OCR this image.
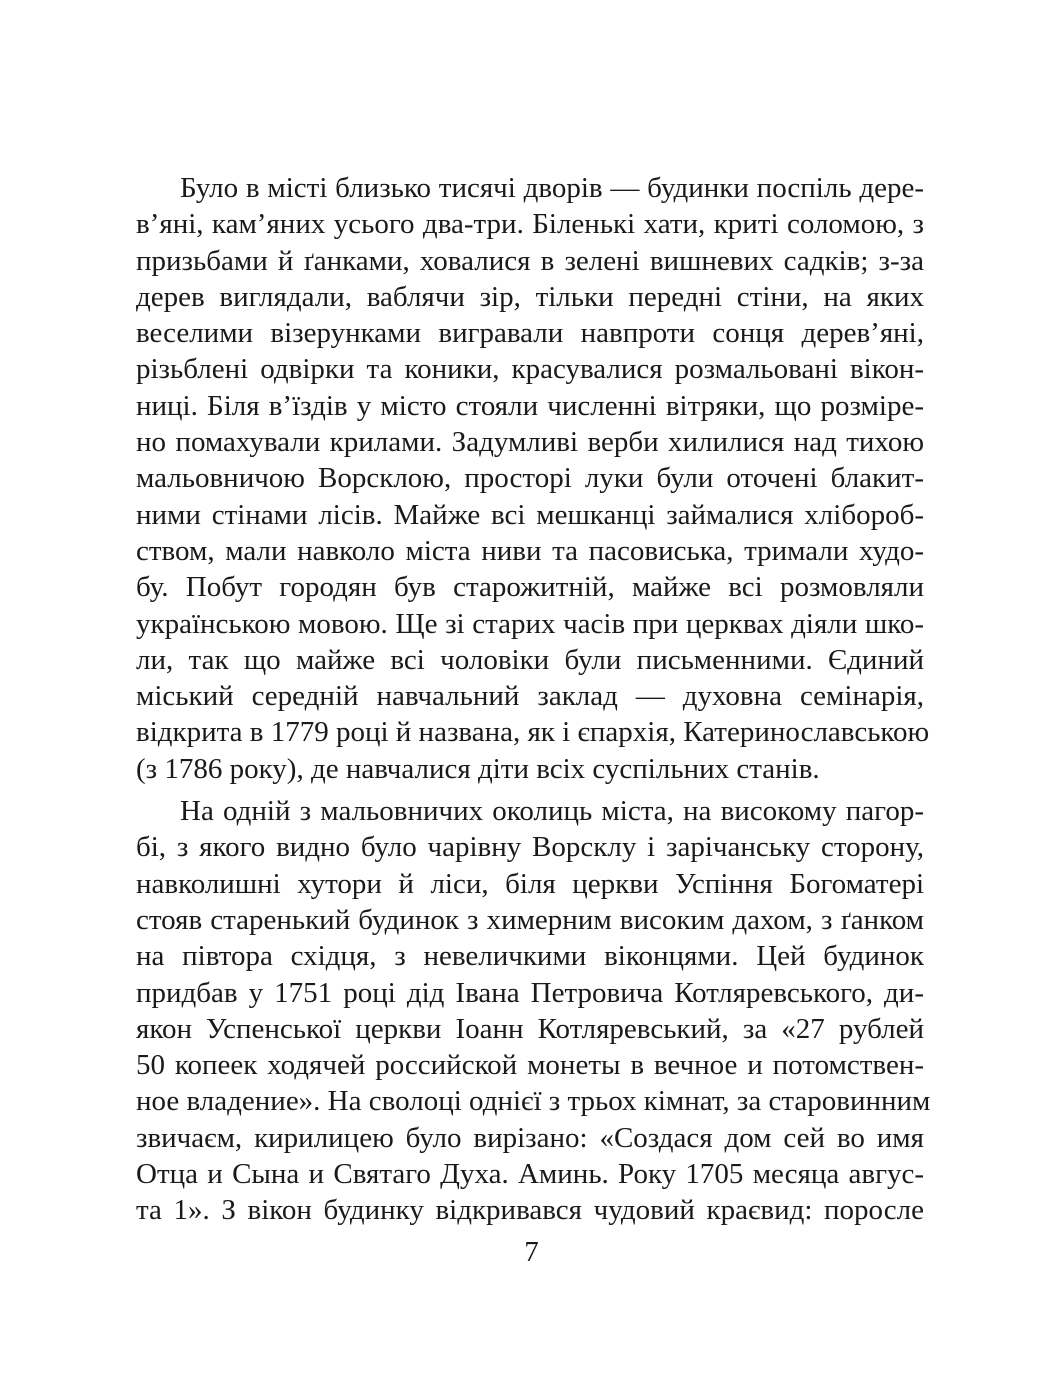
Було в місті близько тисячі дворів — будинки поспіль дере-
в’яні, кам’яних усього два-три. Біленькі хати, криті соломою, з
призьбами й ґанками, ховалися в зелені вишневих садків; з-за
дерев виглядали, ваблячи зір, тільки передні стіни, на яких
веселими візерунками вигравали навпроти сонця дерев’яні,
різьблені одвірки та коники, красувалися розмальовані вікон-
ниці. Біля в’їздів у місто стояли численні вітряки, що розміре-
но помахували крилами. Задумливі верби хилилися над тихою
мальовничою Ворсклою, просторі луки були оточені блакит-
ними стінами лісів. Майже всі мешканці займалися хлібороб-
ством, мали навколо міста ниви та пасовиська, тримали худо-
бу. Побут городян був старожитній, майже всі розмовляли
українською мовою. Ще зі старих часів при церквах діяли шко-
ли, так що майже всі чоловіки були письменними. Єдиний
міський середній навчальний заклад — духовна семінарія,
відкрита в 1779 році й названа, як і єпархія, Катеринославською
(з 1786 року), де навчалися діти всіх суспільних станів.
На одній з мальовничих околиць міста, на високому пагор-
бі, з якого видно було чарівну Ворсклу і зарічанську сторону,
навколишні хутори й ліси, біля церкви Успіння Богоматері
стояв старенький будинок з химерним високим дахом, з ґанком
на півтора східця, з невеличкими віконцями. Цей будинок
придбав у 1751 році дід Івана Петровича Котляревського, ди-
якон Успенської церкви Іоанн Котляревський, за «27 рублей
50 копеек ходячей российской монеты в вечное и потомствен-
ное владение». На сволоці однієї з трьох кімнат, за старовинним
звичаєм, кирилицею було вирізано: «Создася дом сей во имя
Отца и Сына и Святаго Духа. Аминь. Року 1705 месяца авгус-
та 1». З вікон будинку відкривався чудовий краєвид: поросле
7
